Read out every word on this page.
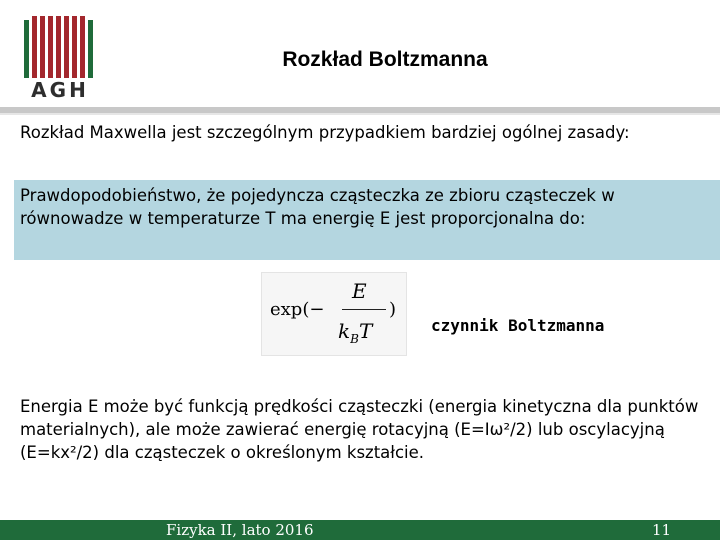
AGH
Rozkład Boltzmanna
Rozkład Maxwella jest szczególnym przypadkiem bardziej ogólnej zasady:
Prawdopodobieństwo, że pojedyncza cząsteczka ze zbioru cząsteczek w równowadze w temperaturze T ma energię E jest proporcjonalna do:
exp(−
E
$k_BT$
)
czynnik Boltzmanna
Energia E może być funkcją prędkości cząsteczki (energia kinetyczna dla punktów materialnych), ale może zawierać energię rotacyjną (E=Iω²/2) lub oscylacyjną (E=kx²/2) dla cząsteczek o określonym kształcie.
Fizyka II, lato 2016	11
